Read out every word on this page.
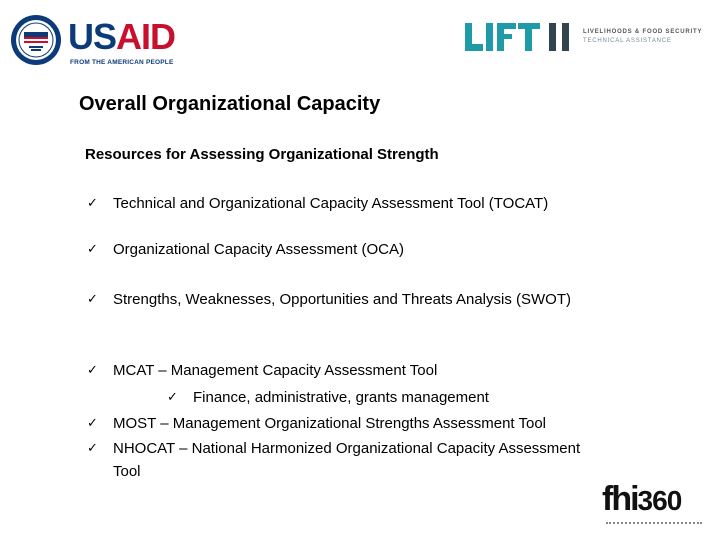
USAID
FROM THE AMERICAN PEOPLE
LIVELIHOODS & FOOD SECURITY
TECHNICAL ASSISTANCE
Overall Organizational Capacity
Resources for Assessing Organizational Strength
✓	Technical and Organizational Capacity Assessment Tool (TOCAT)
✓	Organizational Capacity Assessment (OCA)
✓	Strengths, Weaknesses, Opportunities and Threats Analysis (SWOT)
✓	MCAT – Management Capacity Assessment Tool
✓	Finance, administrative, grants management
✓	MOST – Management Organizational Strengths Assessment Tool
✓	NHOCAT – National Harmonized Organizational Capacity Assessment Tool
fhi360
